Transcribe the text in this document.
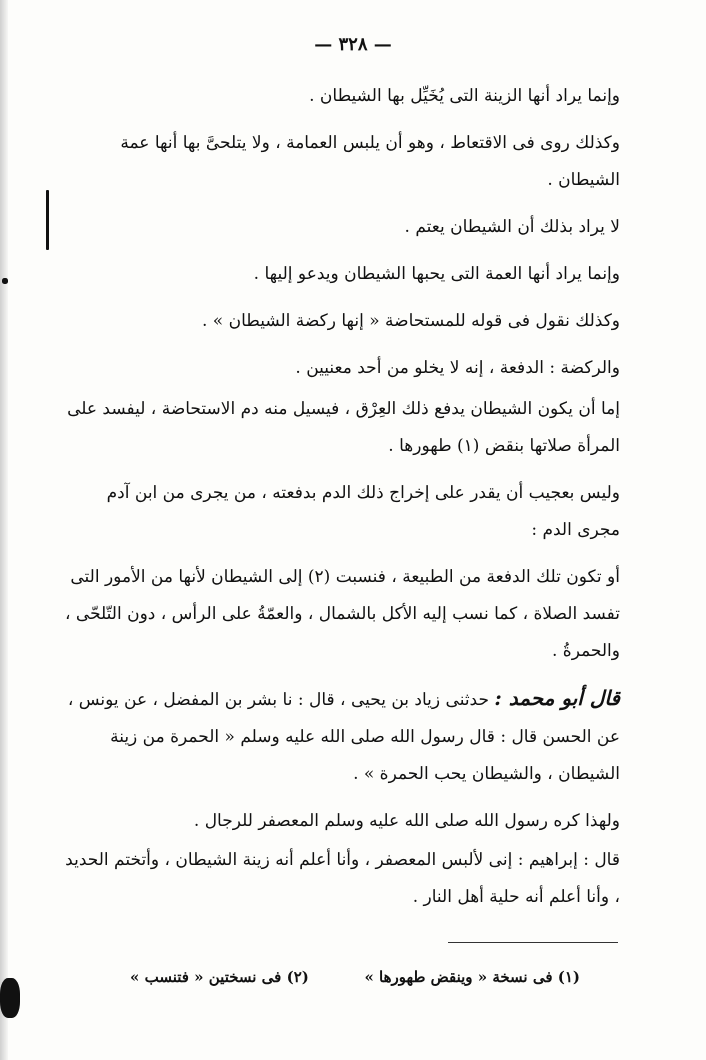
— ٣٢٨ —

وإنما يراد أنها الزينة التى يُخَيِّل بها الشيطان .

وكذلك روى فى الاقتعاط ، وهو أن يلبس العمامة ، ولا يتلحىَّ بها أنها عمة الشيطان .

لا يراد بذلك أن الشيطان يعتم .

وإنما يراد أنها العمة التى يحبها الشيطان ويدعو إليها .

وكذلك نقول فى قوله للمستحاضة « إنها ركضة الشيطان » .

والركضة : الدفعة ، إنه لا يخلو من أحد معنيين .

إما أن يكون الشيطان يدفع ذلك العِرْق ، فيسيل منه دم الاستحاضة ، ليفسد على المرأة صلاتها بنقض (١) طهورها .

وليس بعجيب أن يقدر على إخراج ذلك الدم بدفعته ، من يجرى من ابن آدم مجرى الدم :

أو تكون تلك الدفعة من الطبيعة ، فنسبت (٢) إلى الشيطان لأنها من الأمور التى تفسد الصلاة ، كما نسب إليه الأكل بالشمال ، والعمّةُ على الرأس ، دون التّلحّى ، والحمرةُ .

قال أبو محمد : حدثنى زياد بن يحيى ، قال : نا بشر بن المفضل ، عن يونس ، عن الحسن قال : قال رسول الله صلى الله عليه وسلم « الحمرة من زينة الشيطان ، والشيطان يحب الحمرة » .

ولهذا كره رسول الله صلى الله عليه وسلم المعصفر للرجال .

قال : إبراهيم : إنى لألبس المعصفر ، وأنا أعلم أنه زينة الشيطان ، وأتختم الحديد ، وأنا أعلم أنه حلية أهل النار .

(١) فى نسخة « وينقض طهورها »
(٢) فى نسختين « فتنسب »
